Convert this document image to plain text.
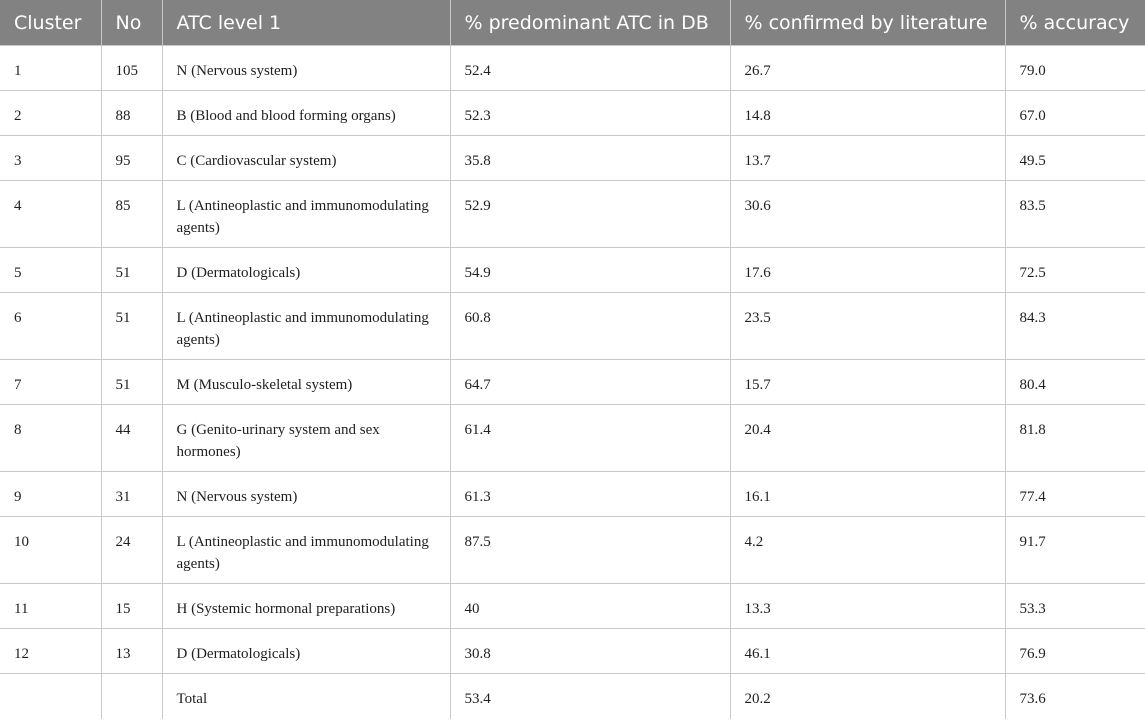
Cluster	No	ATC level 1	% predominant ATC in DB	% confirmed by literature	% accuracy
1	105	N (Nervous system)	52.4	26.7	79.0
2	88	B (Blood and blood forming organs)	52.3	14.8	67.0
3	95	C (Cardiovascular system)	35.8	13.7	49.5
4	85	L (Antineoplastic and immunomodulating agents)	52.9	30.6	83.5
5	51	D (Dermatologicals)	54.9	17.6	72.5
6	51	L (Antineoplastic and immunomodulating agents)	60.8	23.5	84.3
7	51	M (Musculo-skeletal system)	64.7	15.7	80.4
8	44	G (Genito-urinary system and sex hormones)	61.4	20.4	81.8
9	31	N (Nervous system)	61.3	16.1	77.4
10	24	L (Antineoplastic and immunomodulating agents)	87.5	4.2	91.7
11	15	H (Systemic hormonal preparations)	40	13.3	53.3
12	13	D (Dermatologicals)	30.8	46.1	76.9
		Total	53.4	20.2	73.6
